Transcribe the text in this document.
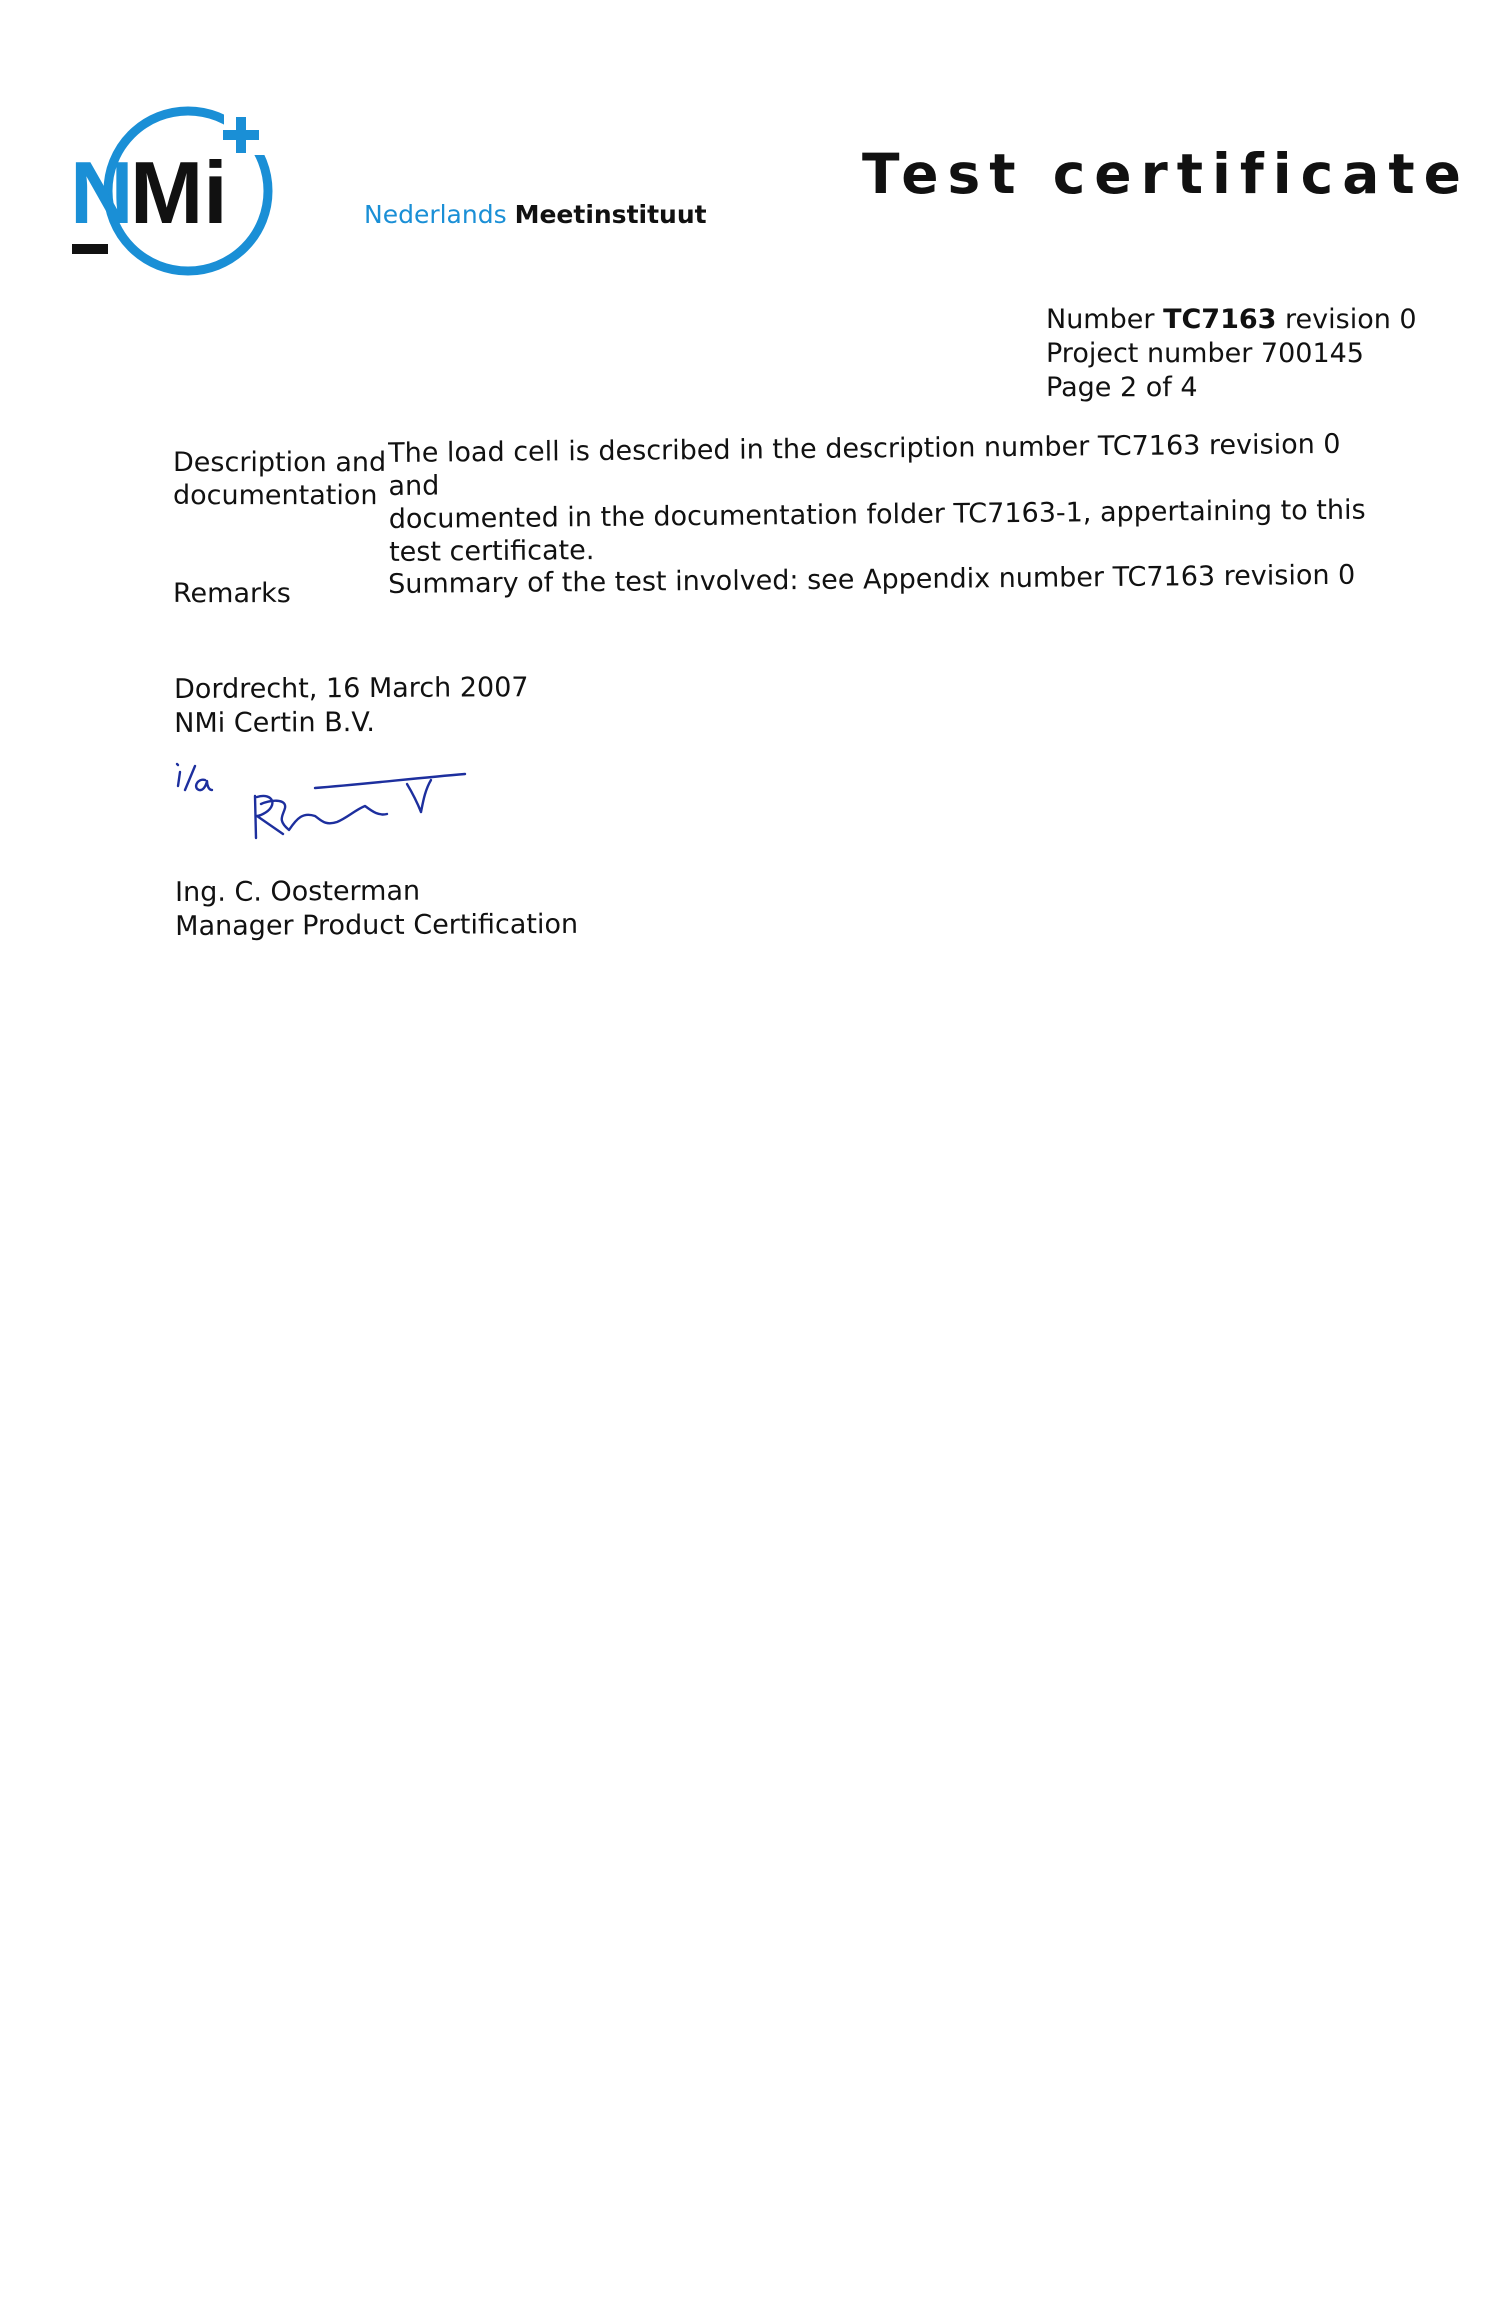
N
Mi	Nederlands Meetinstituut
Test certificate
Number TC7163 revision 0
Project number 700145
Page 2 of 4
Description and
documentation
The load cell is described in the description number TC7163 revision 0 and
documented in the documentation folder TC7163-1, appertaining to this
test certificate.
Remarks	Summary of the test involved: see Appendix number TC7163 revision 0
Dordrecht, 16 March 2007
NMi Certin B.V.
Ing. C. Oosterman
Manager Product Certification
